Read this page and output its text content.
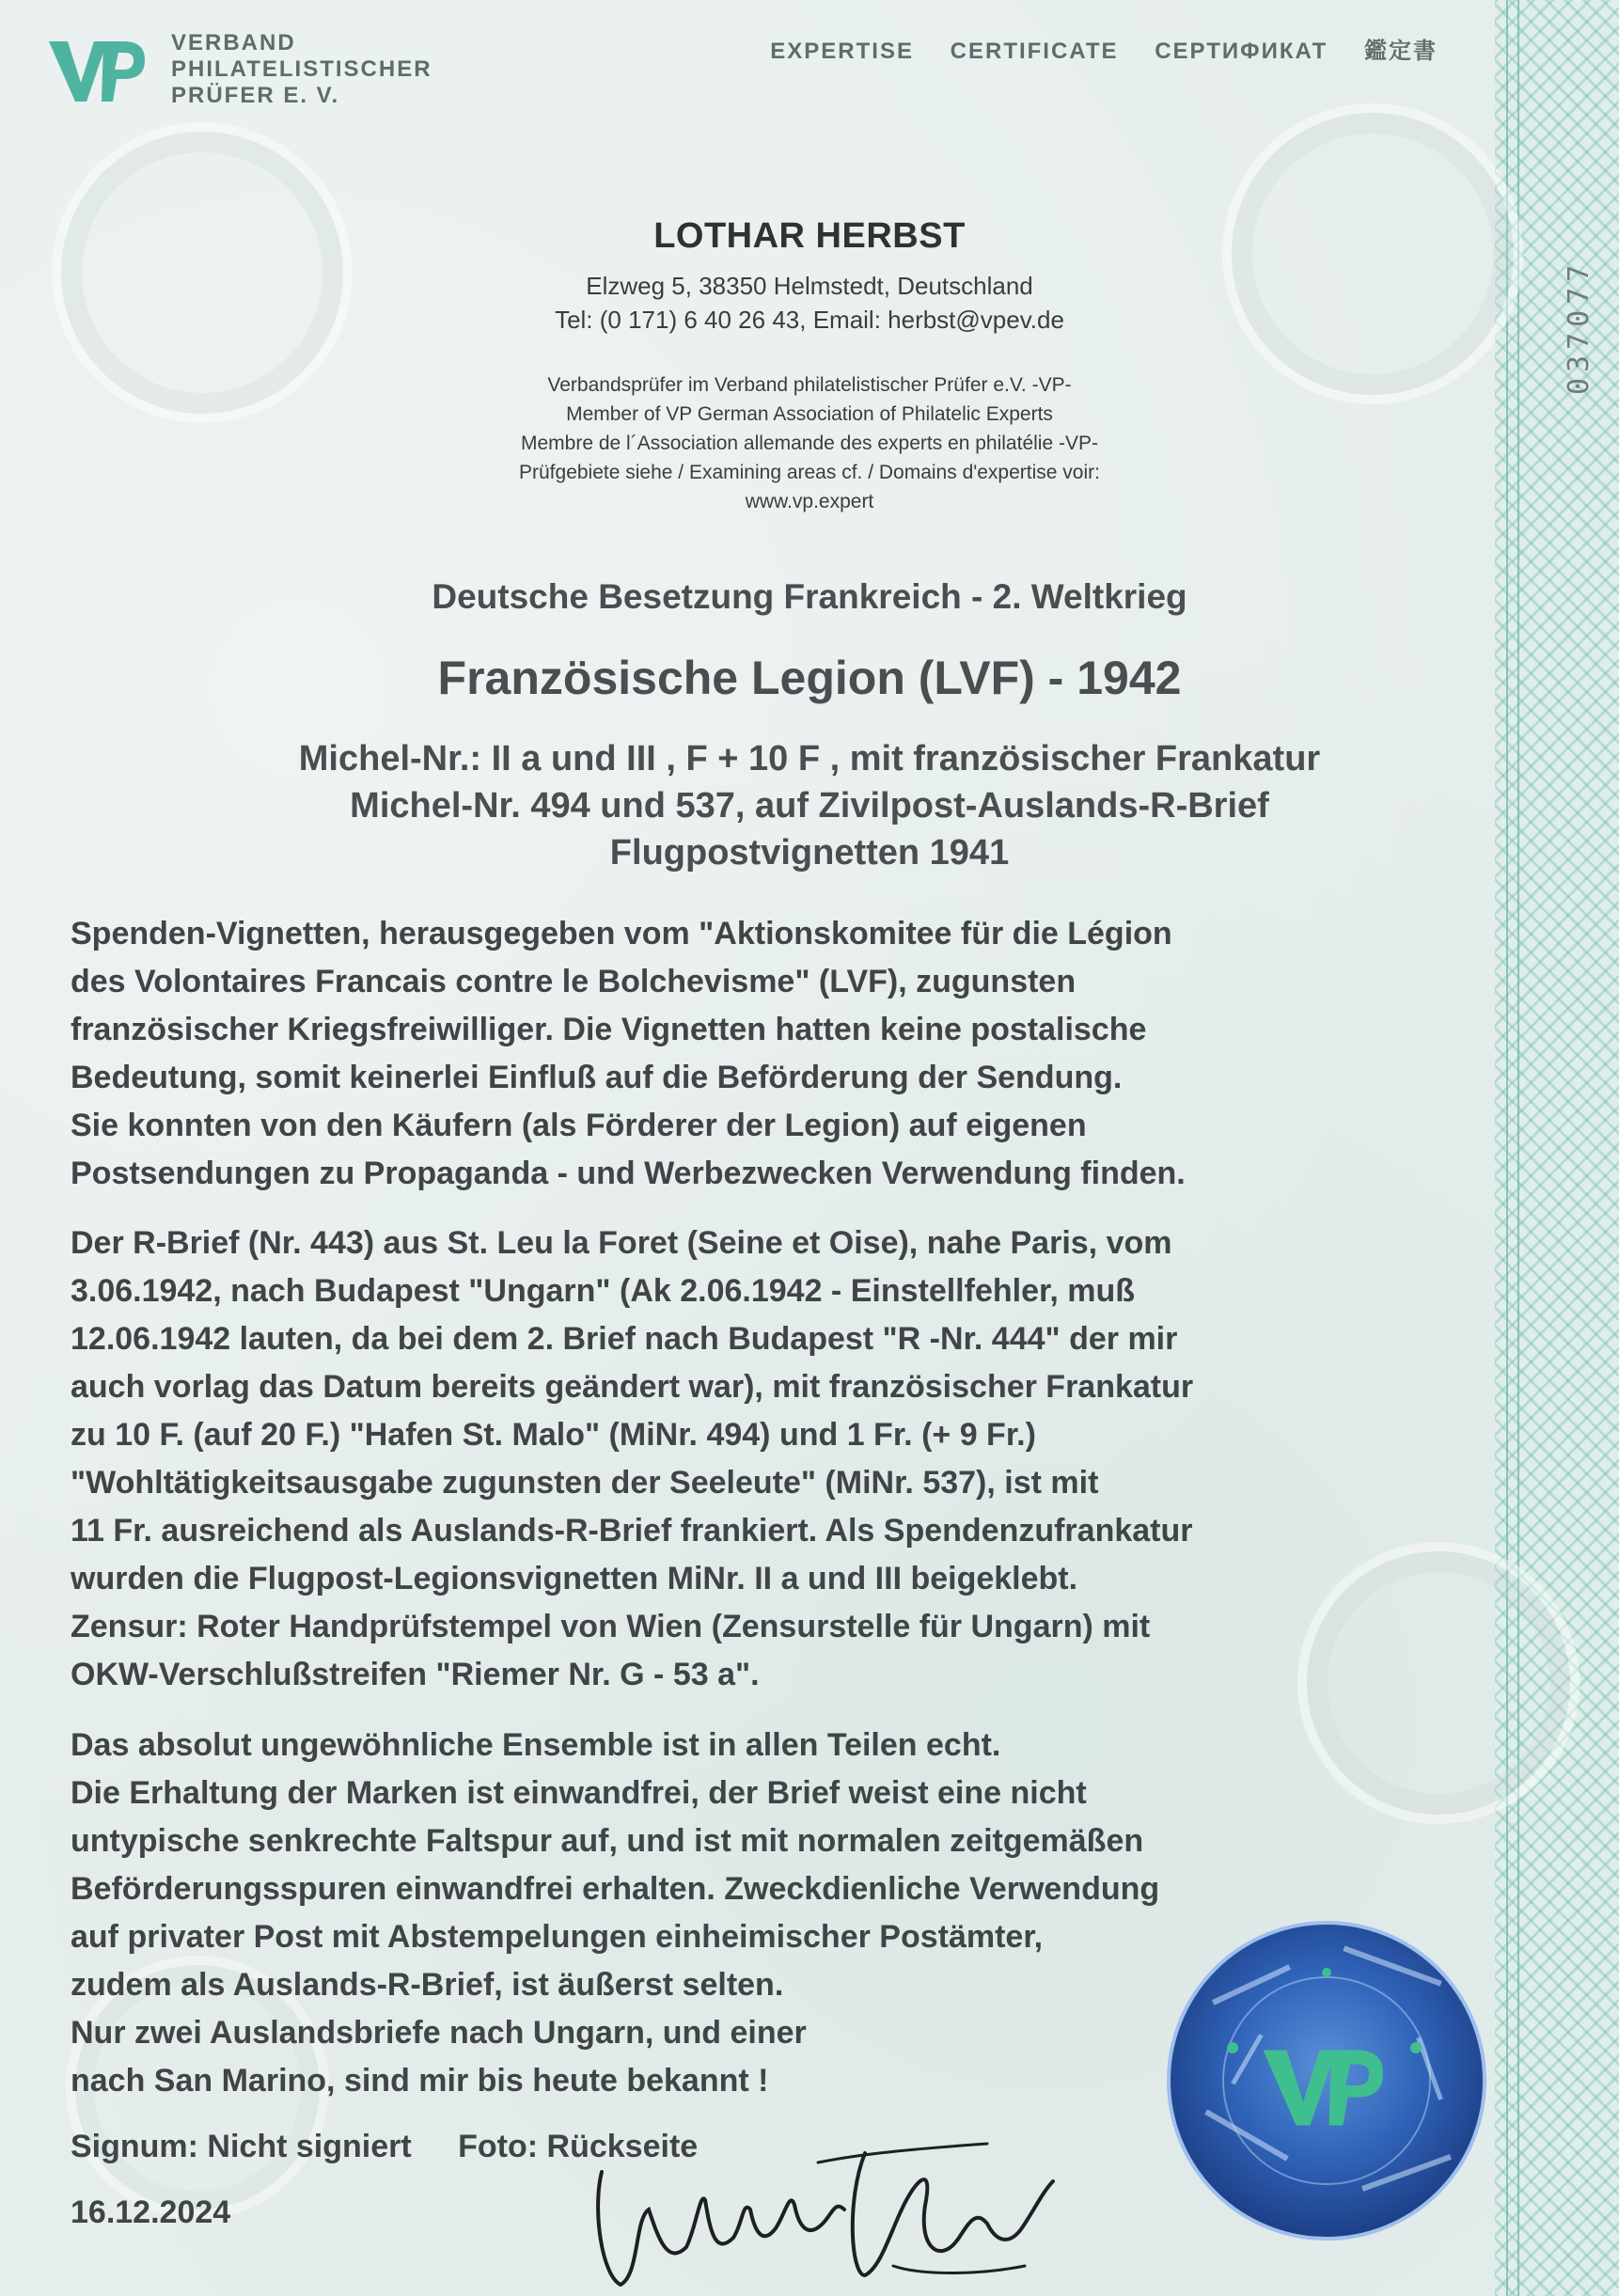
037077
VERBAND
PHILATELISTISCHER
PRÜFER E. V.
EXPERTISE CERTIFICATE СЕРТИФИКАТ 鑑定書
LOTHAR HERBST
Elzweg 5, 38350 Helmstedt, Deutschland
Tel: (0 171) 6 40 26 43, Email: herbst@vpev.de
Verbandsprüfer im Verband philatelistischer Prüfer e.V. -VP-
Member of VP German Association of Philatelic Experts
Membre de l´Association allemande des experts en philatélie -VP-
Prüfgebiete siehe / Examining areas cf. / Domains d'expertise voir:
www.vp.expert
Deutsche Besetzung Frankreich - 2. Weltkrieg
Französische Legion (LVF) - 1942
Michel-Nr.: II a und III , F + 10 F , mit französischer Frankatur
Michel-Nr. 494 und 537, auf Zivilpost-Auslands-R-Brief
Flugpostvignetten 1941
Spenden-Vignetten, herausgegeben vom "Aktionskomitee für die Légion
des Volontaires Francais contre le Bolchevisme" (LVF), zugunsten
französischer Kriegsfreiwilliger. Die Vignetten hatten keine postalische
Bedeutung, somit keinerlei Einfluß auf die Beförderung der Sendung.
Sie konnten von den Käufern (als Förderer der Legion) auf eigenen
Postsendungen zu Propaganda - und Werbezwecken Verwendung finden.
Der R-Brief (Nr. 443) aus St. Leu la Foret (Seine et Oise), nahe Paris, vom
3.06.1942, nach Budapest "Ungarn" (Ak 2.06.1942 - Einstellfehler, muß
12.06.1942 lauten, da bei dem 2. Brief nach Budapest "R -Nr. 444" der mir
auch vorlag das Datum bereits geändert war), mit französischer Frankatur
zu 10 F. (auf 20 F.) "Hafen St. Malo" (MiNr. 494) und 1 Fr. (+ 9 Fr.)
"Wohltätigkeitsausgabe zugunsten der Seeleute" (MiNr. 537), ist mit
11 Fr. ausreichend als Auslands-R-Brief frankiert. Als Spendenzufrankatur
wurden die Flugpost-Legionsvignetten MiNr. II a und III beigeklebt.
Zensur: Roter Handprüfstempel von Wien (Zensurstelle für Ungarn) mit
OKW-Verschlußstreifen "Riemer Nr. G - 53 a".
Das absolut ungewöhnliche Ensemble ist in allen Teilen echt.
Die Erhaltung der Marken ist einwandfrei, der Brief weist eine nicht
untypische senkrechte Faltspur auf, und ist mit normalen zeitgemäßen
Beförderungsspuren einwandfrei erhalten. Zweckdienliche Verwendung
auf privater Post mit Abstempelungen einheimischer Postämter,
zudem als Auslands-R-Brief, ist äußerst selten.
Nur zwei Auslandsbriefe nach Ungarn, und einer
nach San Marino, sind mir bis heute bekannt !
Signum: Nicht signiert Foto: Rückseite
16.12.2024
